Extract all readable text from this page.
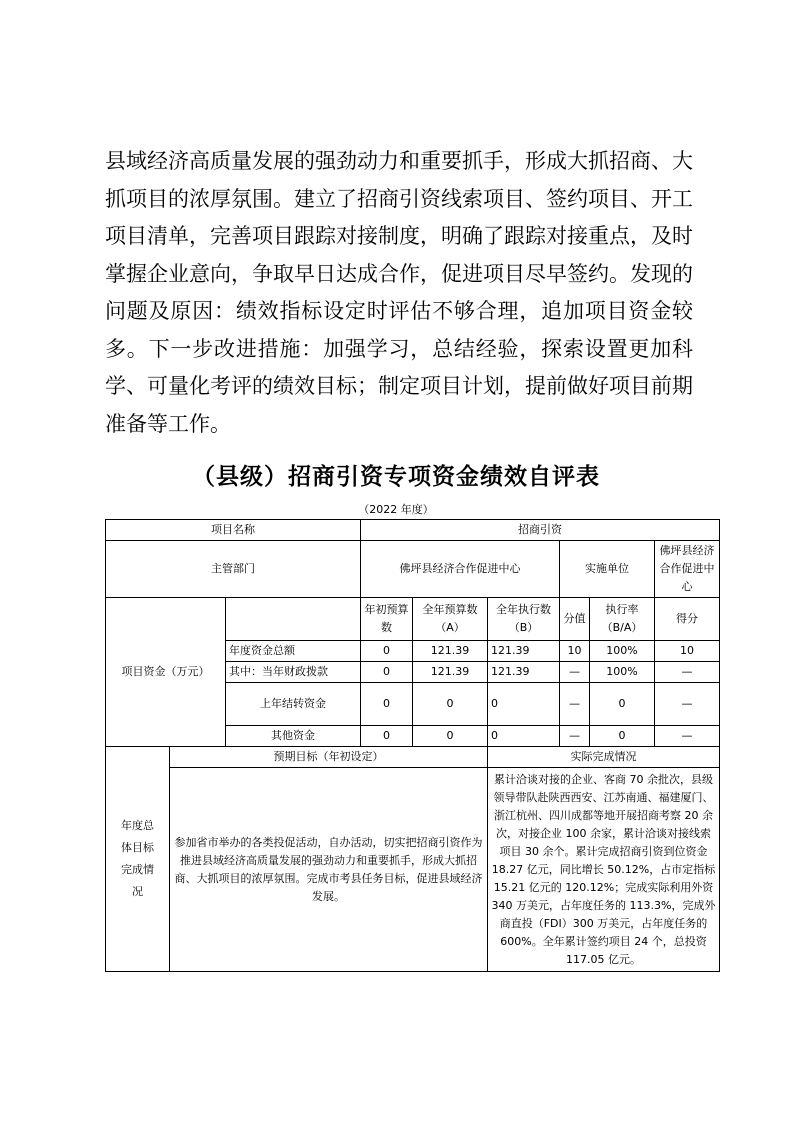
县域经济高质量发展的强劲动力和重要抓手，形成大抓招商、大抓项目的浓厚氛围。建立了招商引资线索项目、签约项目、开工项目清单，完善项目跟踪对接制度，明确了跟踪对接重点，及时掌握企业意向，争取早日达成合作，促进项目尽早签约。发现的问题及原因：绩效指标设定时评估不够合理，追加项目资金较多。下一步改进措施：加强学习，总结经验，探索设置更加科学、可量化考评的绩效目标；制定项目计划，提前做好项目前期准备等工作。

（县级）招商引资专项资金绩效自评表
（2022 年度）
项目名称			招商引资					
主管部门			佛坪县经济合作促进中心			实施单位		佛坪县经济合作促进中心
项目资金（万元）			年初预算数	全年预算数（A）	全年执行数（B）	分值	执行率（B/A）	得分
		年度资金总额	0	121.39	121.39	10	100%	10
		其中：当年财政拨款	0	121.39	121.39	—	100%	—
		上年结转资金	0	0	0	—	0	—
		其他资金	0	0	0	—	0	—
年度总体目标完成情况	预期目标（年初设定）				实际完成情况			
	参加省市举办的各类投促活动，自办活动，切实把招商引资作为推进县域经济高质量发展的强劲动力和重要抓手，形成大抓招商、大抓项目的浓厚氛围。完成市考县任务目标，促进县域经济发展。				累计洽谈对接的企业、客商 70 余批次，县级领导带队赴陕西西安、江苏南通、福建厦门、浙江杭州、四川成都等地开展招商考察 20 余次，对接企业 100 余家，累计洽谈对接线索项目 30 余个。累计完成招商引资到位资金 18.27 亿元，同比增长 50.12%，占市定指标 15.21 亿元的 120.12%；完成实际利用外资 340 万美元，占年度任务的 113.3%，完成外商直投（FDI）300 万美元，占年度任务的 600%。全年累计签约项目 24 个，总投资 117.05 亿元。			
